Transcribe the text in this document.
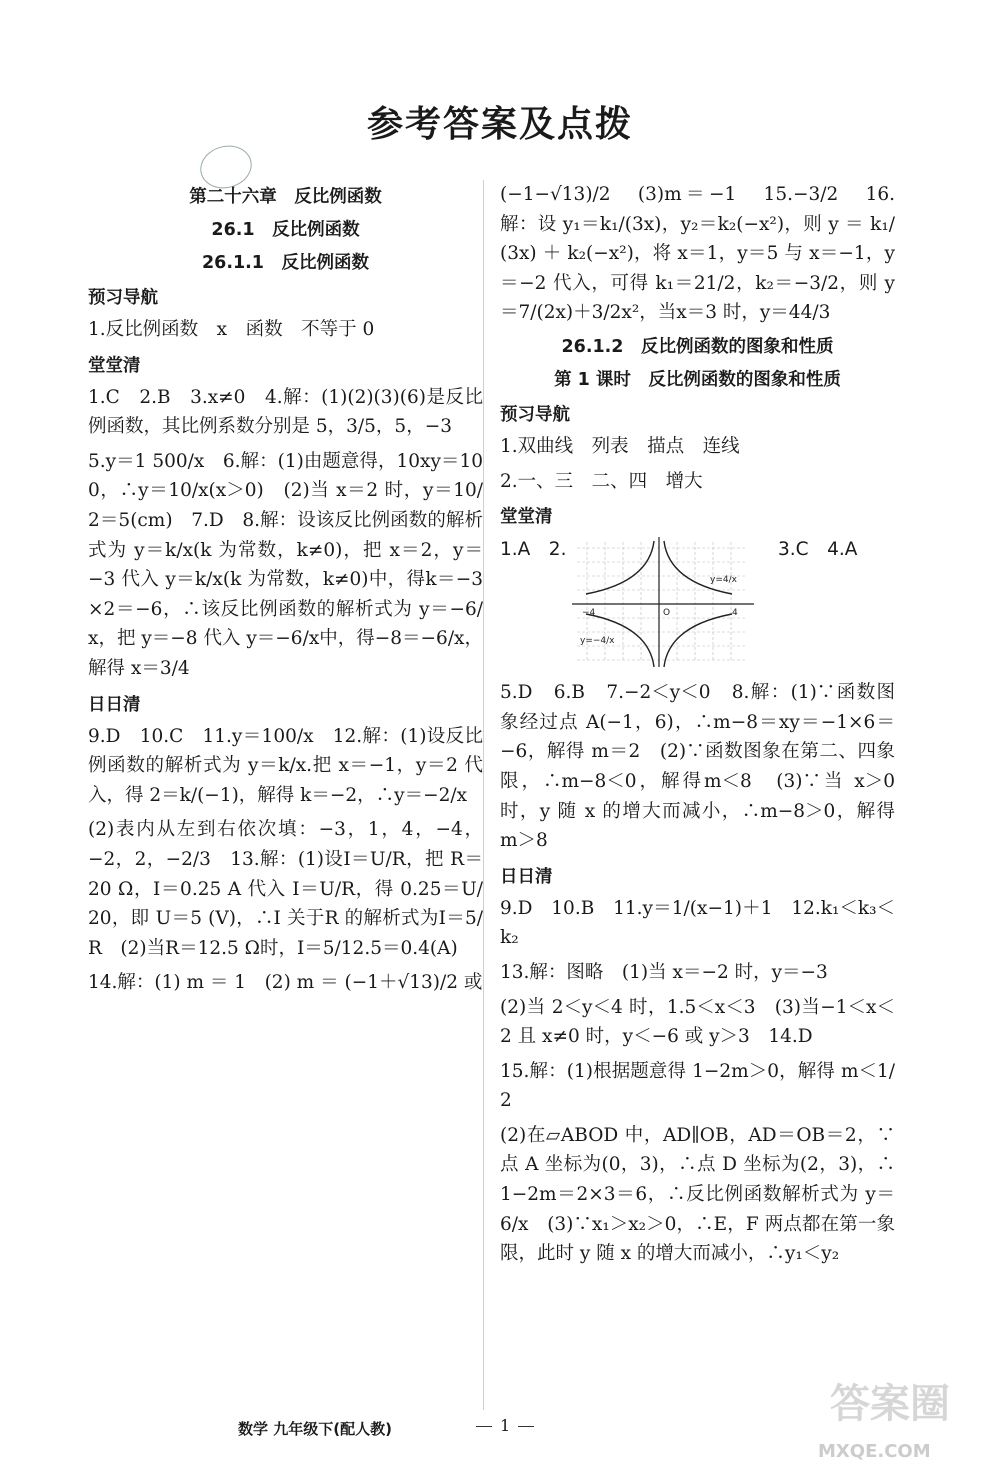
参考答案及点拨
第二十六章　反比例函数
26.1　反比例函数
26.1.1　反比例函数
预习导航

1.反比例函数　x　函数　不等于 0

堂堂清

1.C　2.B　3.x≠0　4.解：(1)(2)(3)(6)是反比例函数，其比例系数分别是 5，3/5，5，−3

5.y＝1 500/x　6.解：(1)由题意得，10xy＝100，∴y＝10/x(x＞0)　(2)当 x＝2 时，y＝10/2＝5(cm)　7.D　8.解：设该反比例函数的解析式为 y＝k/x(k 为常数，k≠0)，把 x＝2，y＝−3 代入 y＝k/x(k 为常数，k≠0)中，得k＝−3×2＝−6，∴该反比例函数的解析式为 y＝−6/x，把 y＝−8 代入 y＝−6/x中，得−8＝−6/x，解得 x＝3/4

日日清

9.D　10.C　11.y＝100/x　12.解：(1)设反比例函数的解析式为 y＝k/x.把 x＝−1，y＝2 代入，得 2＝k/(−1)，解得 k＝−2，∴y＝−2/x

(2)表内从左到右依次填：−3，1，4，−4，−2，2，−2/3　13.解：(1)设I＝U/R，把 R＝20 Ω，I＝0.25 A 代入 I＝U/R，得 0.25＝U/20，即 U＝5 (V)，∴I 关于R 的解析式为I＝5/R　(2)当R＝12.5 Ω时，I＝5/12.5＝0.4(A)

14.解：(1) m ＝ 1　(2) m ＝ (−1＋√13)/2 或

(−1−√13)/2　(3)m＝−1　15.−3/2　16.解：设 y₁＝k₁/(3x)，y₂＝k₂(−x²)，则 y ＝ k₁/(3x) ＋ k₂(−x²)，将 x＝1，y＝5 与 x＝−1，y＝−2 代入，可得 k₁＝21/2，k₂＝−3/2，则 y＝7/(2x)＋3/2x²，当x＝3 时，y＝44/3

26.1.2　反比例函数的图象和性质
第 1 课时　反比例函数的图象和性质
预习导航

1.双曲线　列表　描点　连线

2.一、三　二、四　增大

堂堂清
1.A　2.
O
−4	4
y=4/x
y=−4/x
3.C　4.A

5.D　6.B　7.−2＜y＜0　8.解：(1)∵函数图象经过点 A(−1，6)，∴m−8＝xy＝−1×6＝−6，解得 m＝2　(2)∵函数图象在第二、四象限，∴m−8＜0，解得m＜8　(3)∵当 x＞0 时，y 随 x 的增大而减小，∴m−8＞0，解得 m＞8

日日清

9.D　10.B　11.y＝1/(x−1)＋1　12.k₁＜k₃＜k₂

13.解：图略　(1)当 x＝−2 时，y＝−3

(2)当 2＜y＜4 时，1.5＜x＜3　(3)当−1＜x＜2 且 x≠0 时，y＜−6 或 y＞3　14.D

15.解：(1)根据题意得 1−2m＞0，解得 m＜1/2

(2)在▱ABOD 中，AD∥OB，AD＝OB＝2，∵点 A 坐标为(0，3)，∴点 D 坐标为(2，3)，∴1−2m＝2×3＝6，∴反比例函数解析式为 y＝6/x　(3)∵x₁＞x₂＞0，∴E，F 两点都在第一象限，此时 y 随 x 的增大而减小，∴y₁＜y₂

数学 九年级下(配人教)	1	答案圈
MXQE.COM
